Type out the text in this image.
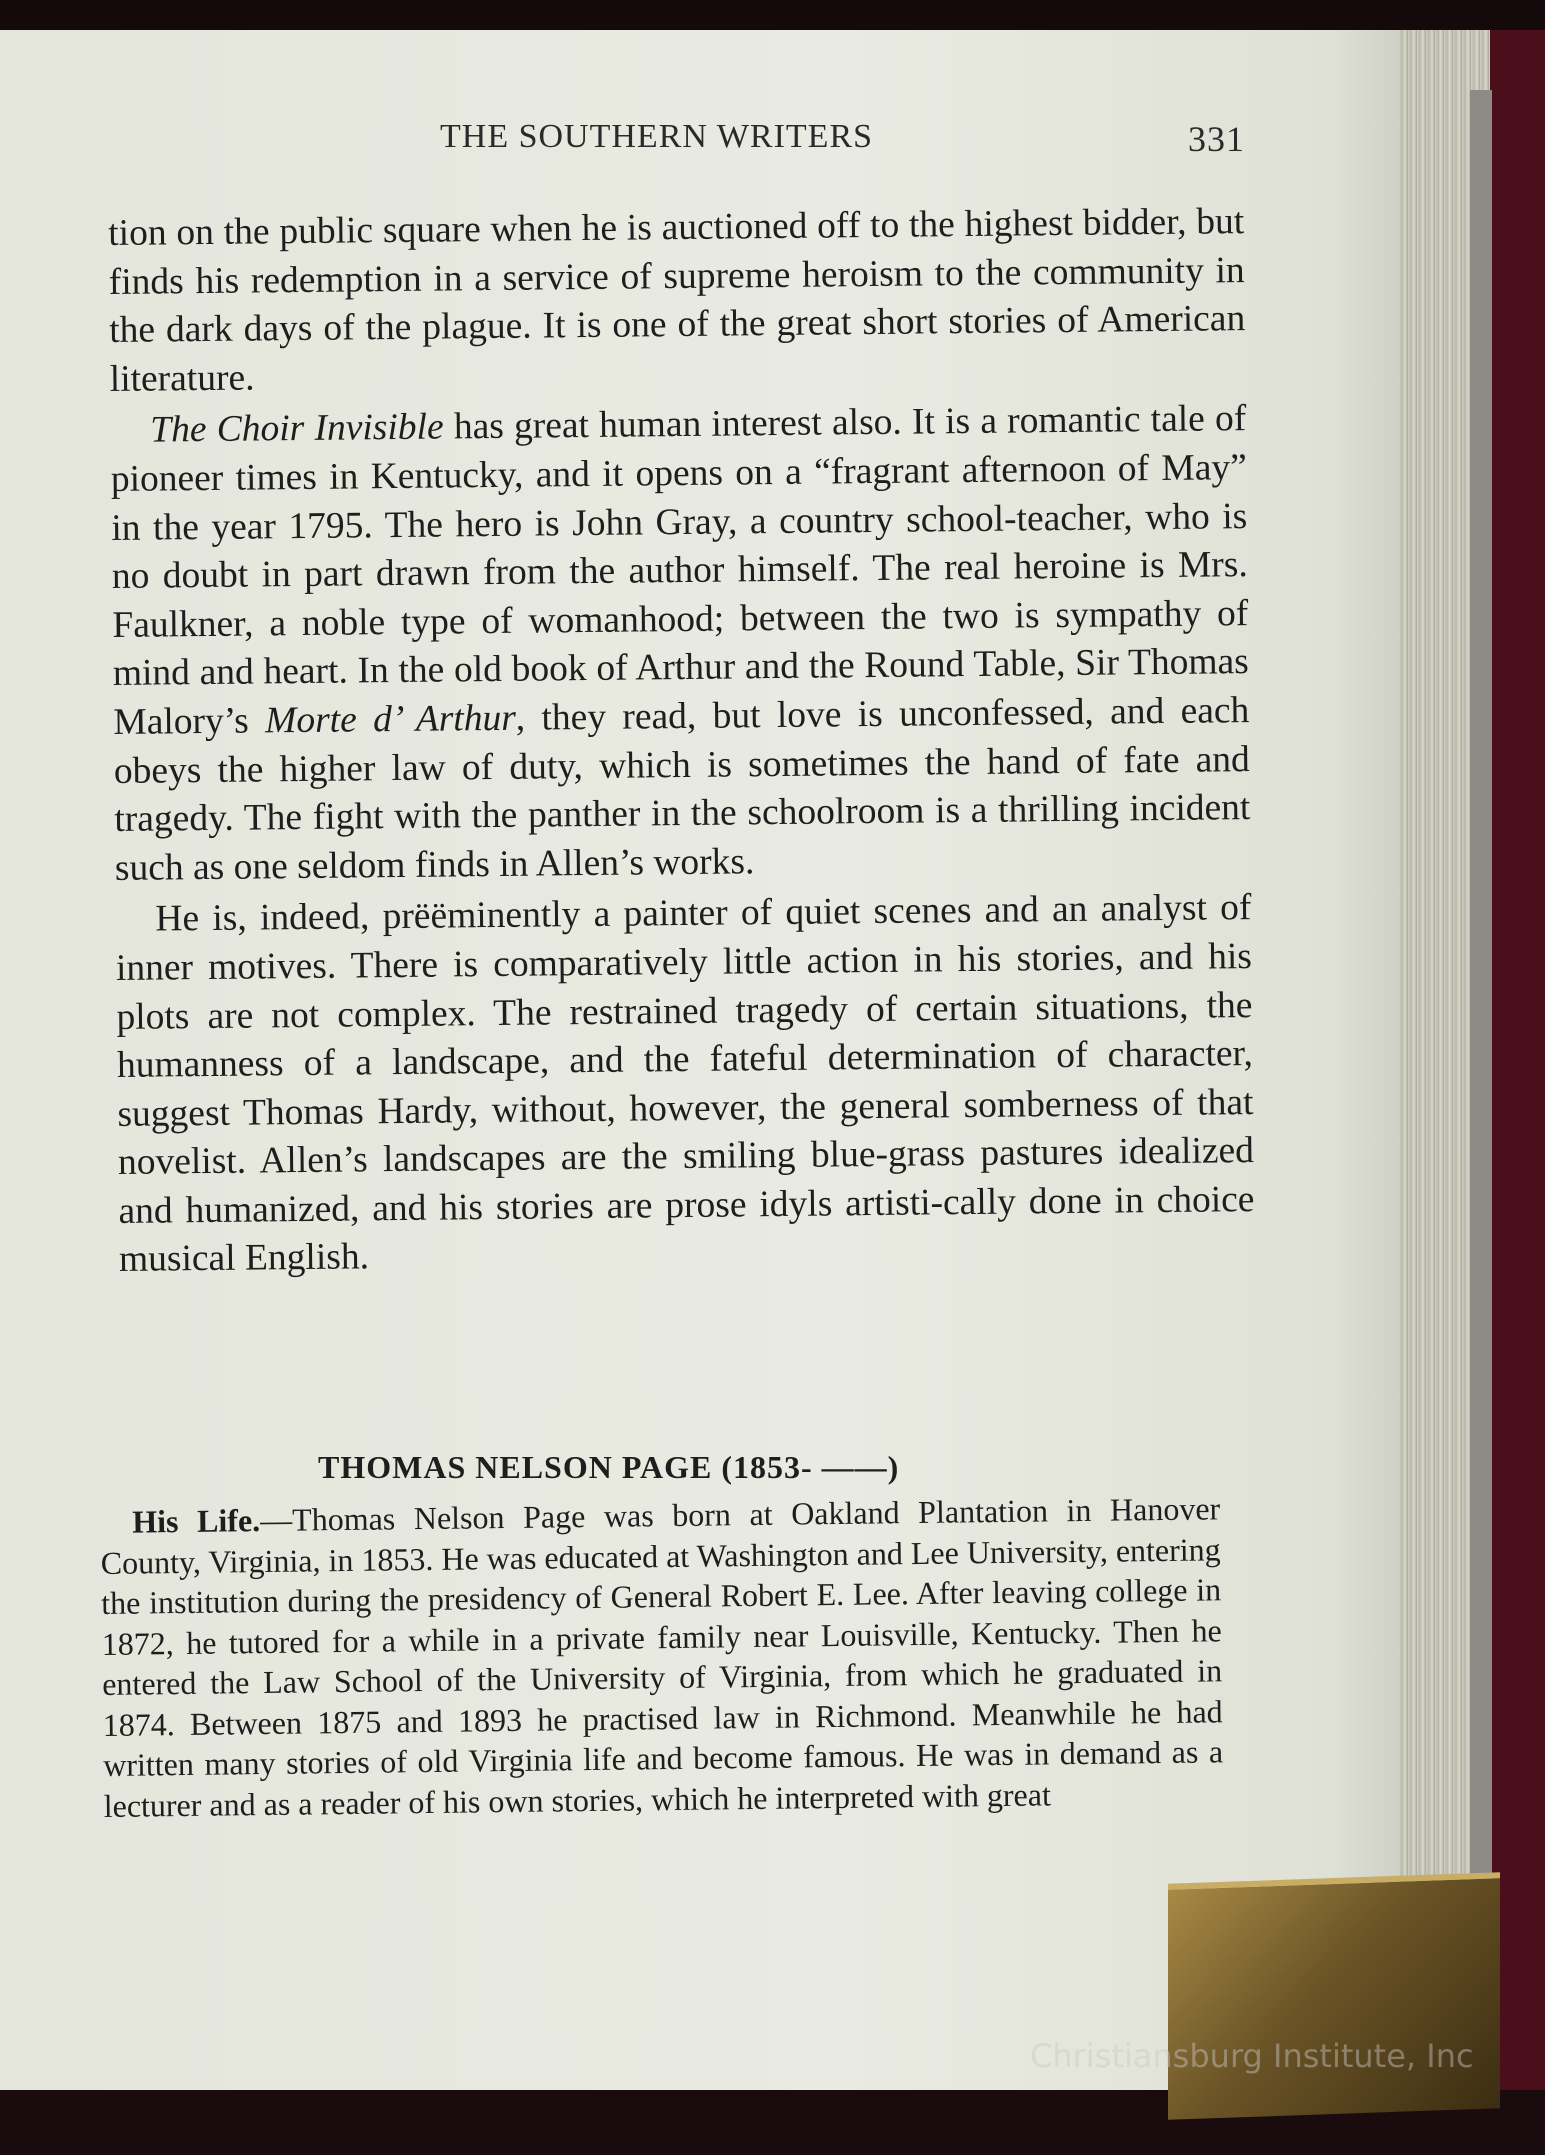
THE SOUTHERN WRITERS	331

tion on the public square when he is auctioned off to the highest bidder, but finds his redemption in a service of supreme heroism to the community in the dark days of the plague. It is one of the great short stories of American literature.

The Choir Invisible has great human interest also. It is a romantic tale of pioneer times in Kentucky, and it opens on a “fragrant afternoon of May” in the year 1795. The hero is John Gray, a country school-teacher, who is no doubt in part drawn from the author himself. The real heroine is Mrs. Faulkner, a noble type of womanhood; between the two is sympathy of mind and heart. In the old book of Arthur and the Round Table, Sir Thomas Malory’s Morte d’ Arthur, they read, but love is unconfessed, and each obeys the higher law of duty, which is sometimes the hand of fate and tragedy. The fight with the panther in the schoolroom is a thrilling incident such as one seldom finds in Allen’s works.

He is, indeed, prëëminently a painter of quiet scenes and an analyst of inner motives. There is comparatively little action in his stories, and his plots are not complex. The restrained tragedy of certain situations, the humanness of a landscape, and the fateful determination of character, suggest Thomas Hardy, without, however, the general somberness of that novelist. Allen’s landscapes are the smiling blue-grass pastures idealized and humanized, and his stories are prose idyls artisti-cally done in choice musical English.

THOMAS NELSON PAGE (1853- ——)

His Life.—Thomas Nelson Page was born at Oakland Plantation in Hanover County, Virginia, in 1853. He was educated at Washington and Lee University, entering the institution during the presidency of General Robert E. Lee. After leaving college in 1872, he tutored for a while in a private family near Louisville, Kentucky. Then he entered the Law School of the University of Virginia, from which he graduated in 1874. Between 1875 and 1893 he practised law in Richmond. Meanwhile he had written many stories of old Virginia life and become famous. He was in demand as a lecturer and as a reader of his own stories, which he interpreted with great

Christiansburg Institute, Inc
